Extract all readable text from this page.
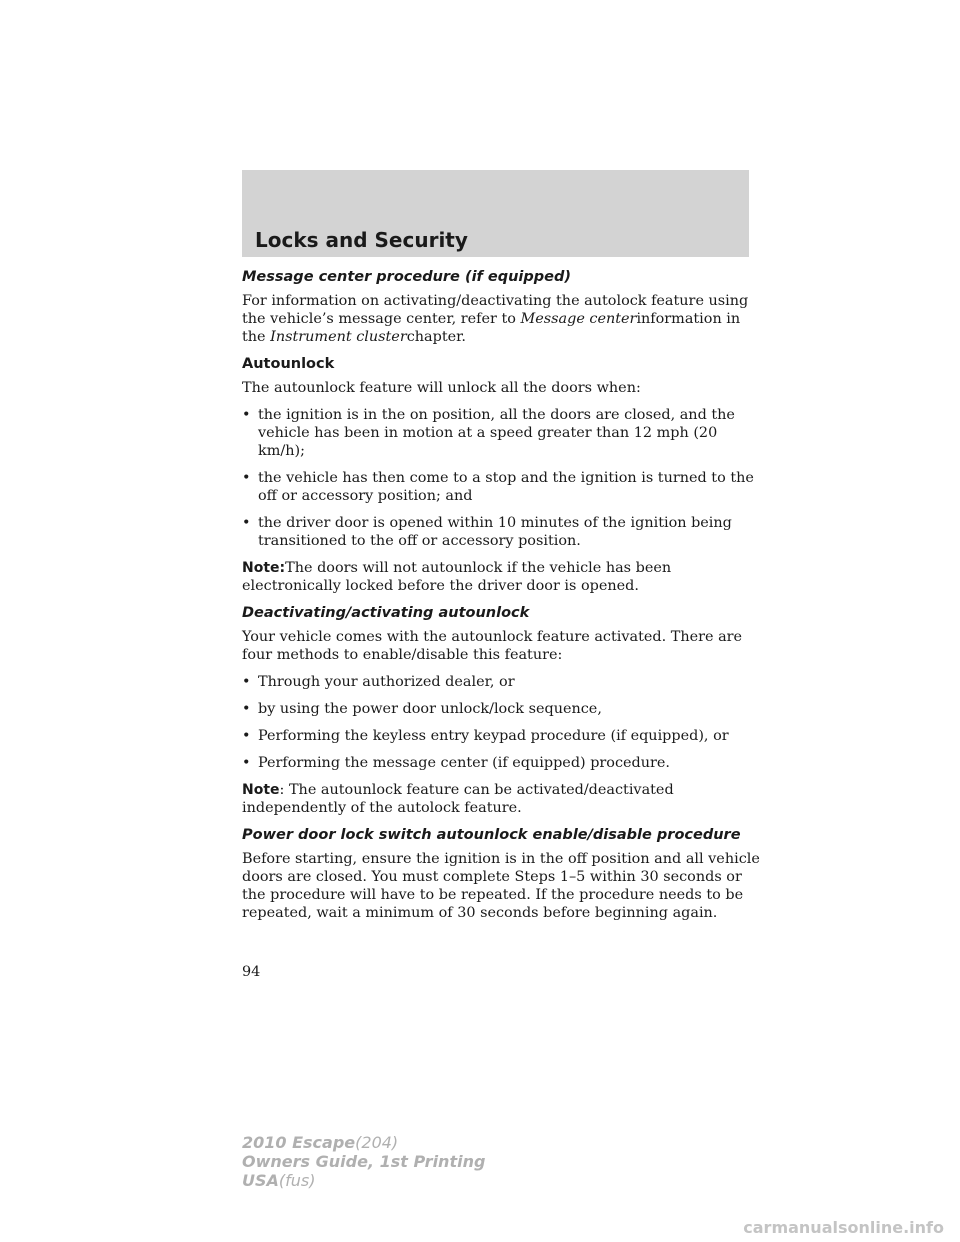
Locks and Security
Message center procedure (if equipped)
For information on activating/deactivating the autolock feature using the vehicle’s message center, refer to Message centerinformation in the Instrument clusterchapter.
Autounlock
The autounlock feature will unlock all the doors when:
• the ignition is in the on position, all the doors are closed, and the vehicle has been in motion at a speed greater than 12 mph (20 km/h);
• the vehicle has then come to a stop and the ignition is turned to the off or accessory position; and
• the driver door is opened within 10 minutes of the ignition being transitioned to the off or accessory position.
Note:The doors will not autounlock if the vehicle has been electronically locked before the driver door is opened.
Deactivating/activating autounlock
Your vehicle comes with the autounlock feature activated. There are four methods to enable/disable this feature:
• Through your authorized dealer, or
• by using the power door unlock/lock sequence,
• Performing the keyless entry keypad procedure (if equipped), or
• Performing the message center (if equipped) procedure.
Note: The autounlock feature can be activated/deactivated independently of the autolock feature.
Power door lock switch autounlock enable/disable procedure
Before starting, ensure the ignition is in the off position and all vehicle doors are closed. You must complete Steps 1–5 within 30 seconds or the procedure will have to be repeated. If the procedure needs to be repeated, wait a minimum of 30 seconds before beginning again.
94
2010 Escape(204)
Owners Guide, 1st Printing
USA(fus)
carmanualsonline.info
